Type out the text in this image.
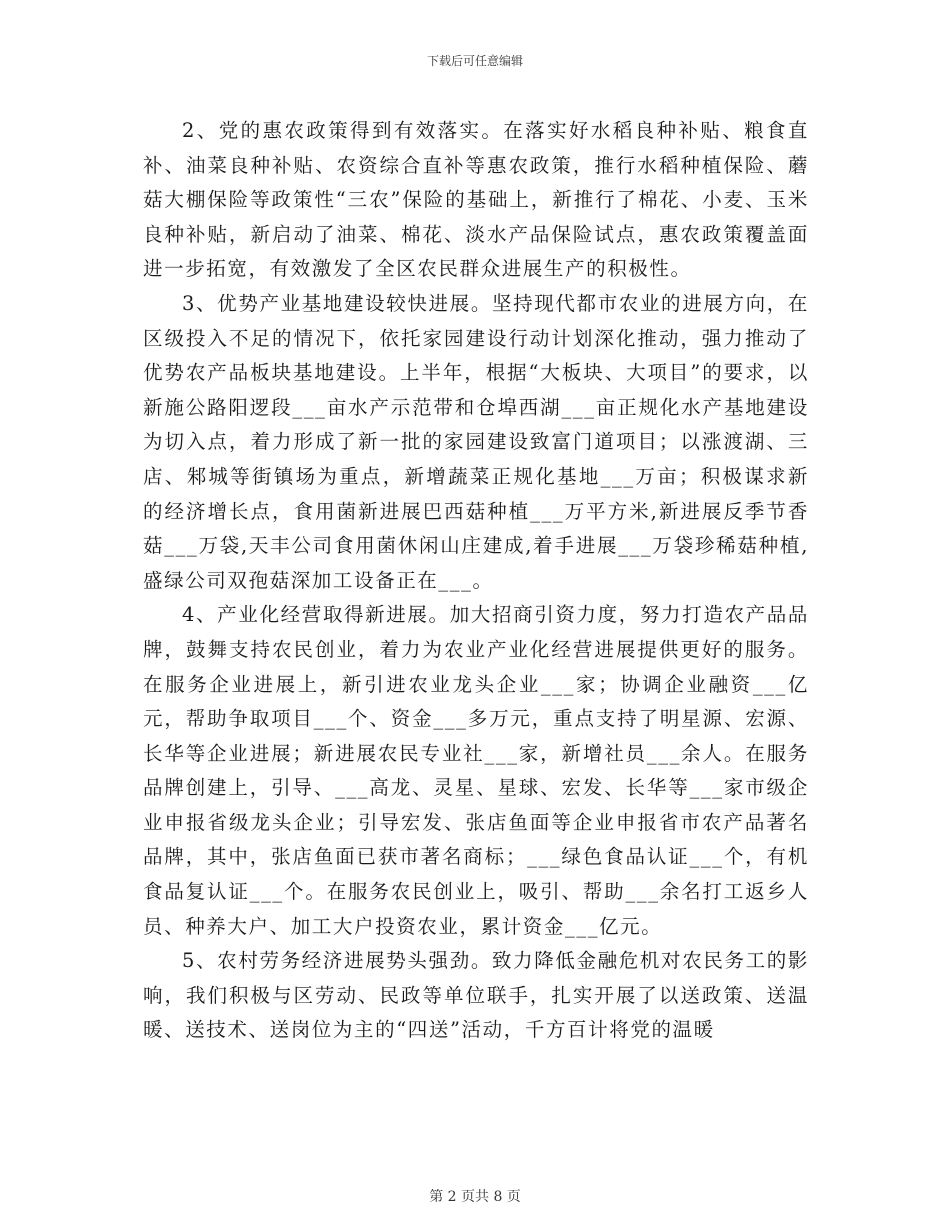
下载后可任意编辑

2、党的惠农政策得到有效落实。在落实好水稻良种补贴、粮食直补、油菜良种补贴、农资综合直补等惠农政策，推行水稻种植保险、蘑菇大棚保险等政策性“三农”保险的基础上，新推行了棉花、小麦、玉米良种补贴，新启动了油菜、棉花、淡水产品保险试点，惠农政策覆盖面进一步拓宽，有效激发了全区农民群众进展生产的积极性。

3、优势产业基地建设较快进展。坚持现代都市农业的进展方向，在区级投入不足的情况下，依托家园建设行动计划深化推动，强力推动了优势农产品板块基地建设。上半年，根据“大板块、大项目”的要求，以新施公路阳逻段___亩水产示范带和仓埠西湖___亩正规化水产基地建设为切入点，着力形成了新一批的家园建设致富门道项目；以涨渡湖、三店、邾城等街镇场为重点，新增蔬菜正规化基地___万亩；积极谋求新的经济增长点，食用菌新进展巴西菇种植___万平方米,新进展反季节香菇___万袋,天丰公司食用菌休闲山庄建成,着手进展___万袋珍稀菇种植,盛绿公司双孢菇深加工设备正在___。

4、产业化经营取得新进展。加大招商引资力度，努力打造农产品品牌，鼓舞支持农民创业，着力为农业产业化经营进展提供更好的服务。在服务企业进展上，新引进农业龙头企业___家；协调企业融资___亿元，帮助争取项目___个、资金___多万元，重点支持了明星源、宏源、长华等企业进展；新进展农民专业社___家，新增社员___余人。在服务品牌创建上，引导、___高龙、灵星、星球、宏发、长华等___家市级企业申报省级龙头企业；引导宏发、张店鱼面等企业申报省市农产品著名品牌，其中，张店鱼面已获市著名商标；___绿色食品认证___个，有机食品复认证___个。在服务农民创业上，吸引、帮助___余名打工返乡人员、种养大户、加工大户投资农业，累计资金___亿元。

5、农村劳务经济进展势头强劲。致力降低金融危机对农民务工的影响，我们积极与区劳动、民政等单位联手，扎实开展了以送政策、送温暖、送技术、送岗位为主的“四送”活动，千方百计将党的温暖

第 2 页共 8 页
